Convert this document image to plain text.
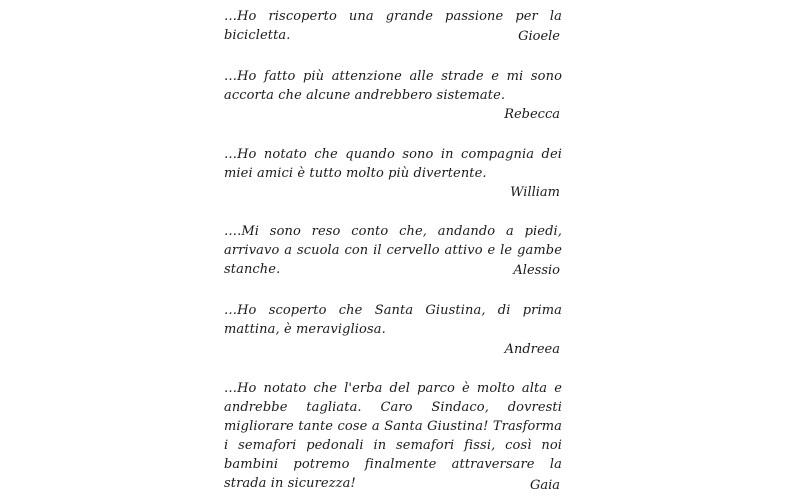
…Ho riscoperto una grande passione per la bicicletta.	Gioele

…Ho fatto più attenzione alle strade e mi sono accorta che alcune andrebbero sistemate.

Rebecca

…Ho notato che quando sono in compagnia dei miei amici è tutto molto più divertente.

William

….Mi sono reso conto che, andando a piedi, arrivavo a scuola con il cervello attivo e le gambe stanche.	Alessio

…Ho scoperto che Santa Giustina, di prima mattina, è meravigliosa.

Andreea

…Ho notato che l'erba del parco è molto alta e andrebbe tagliata. Caro Sindaco, dovresti migliorare tante cose a Santa Giustina! Trasforma i semafori pedonali in semafori fissi, così noi bambini potremo finalmente attraversare la strada in sicurezza!	Gaia
